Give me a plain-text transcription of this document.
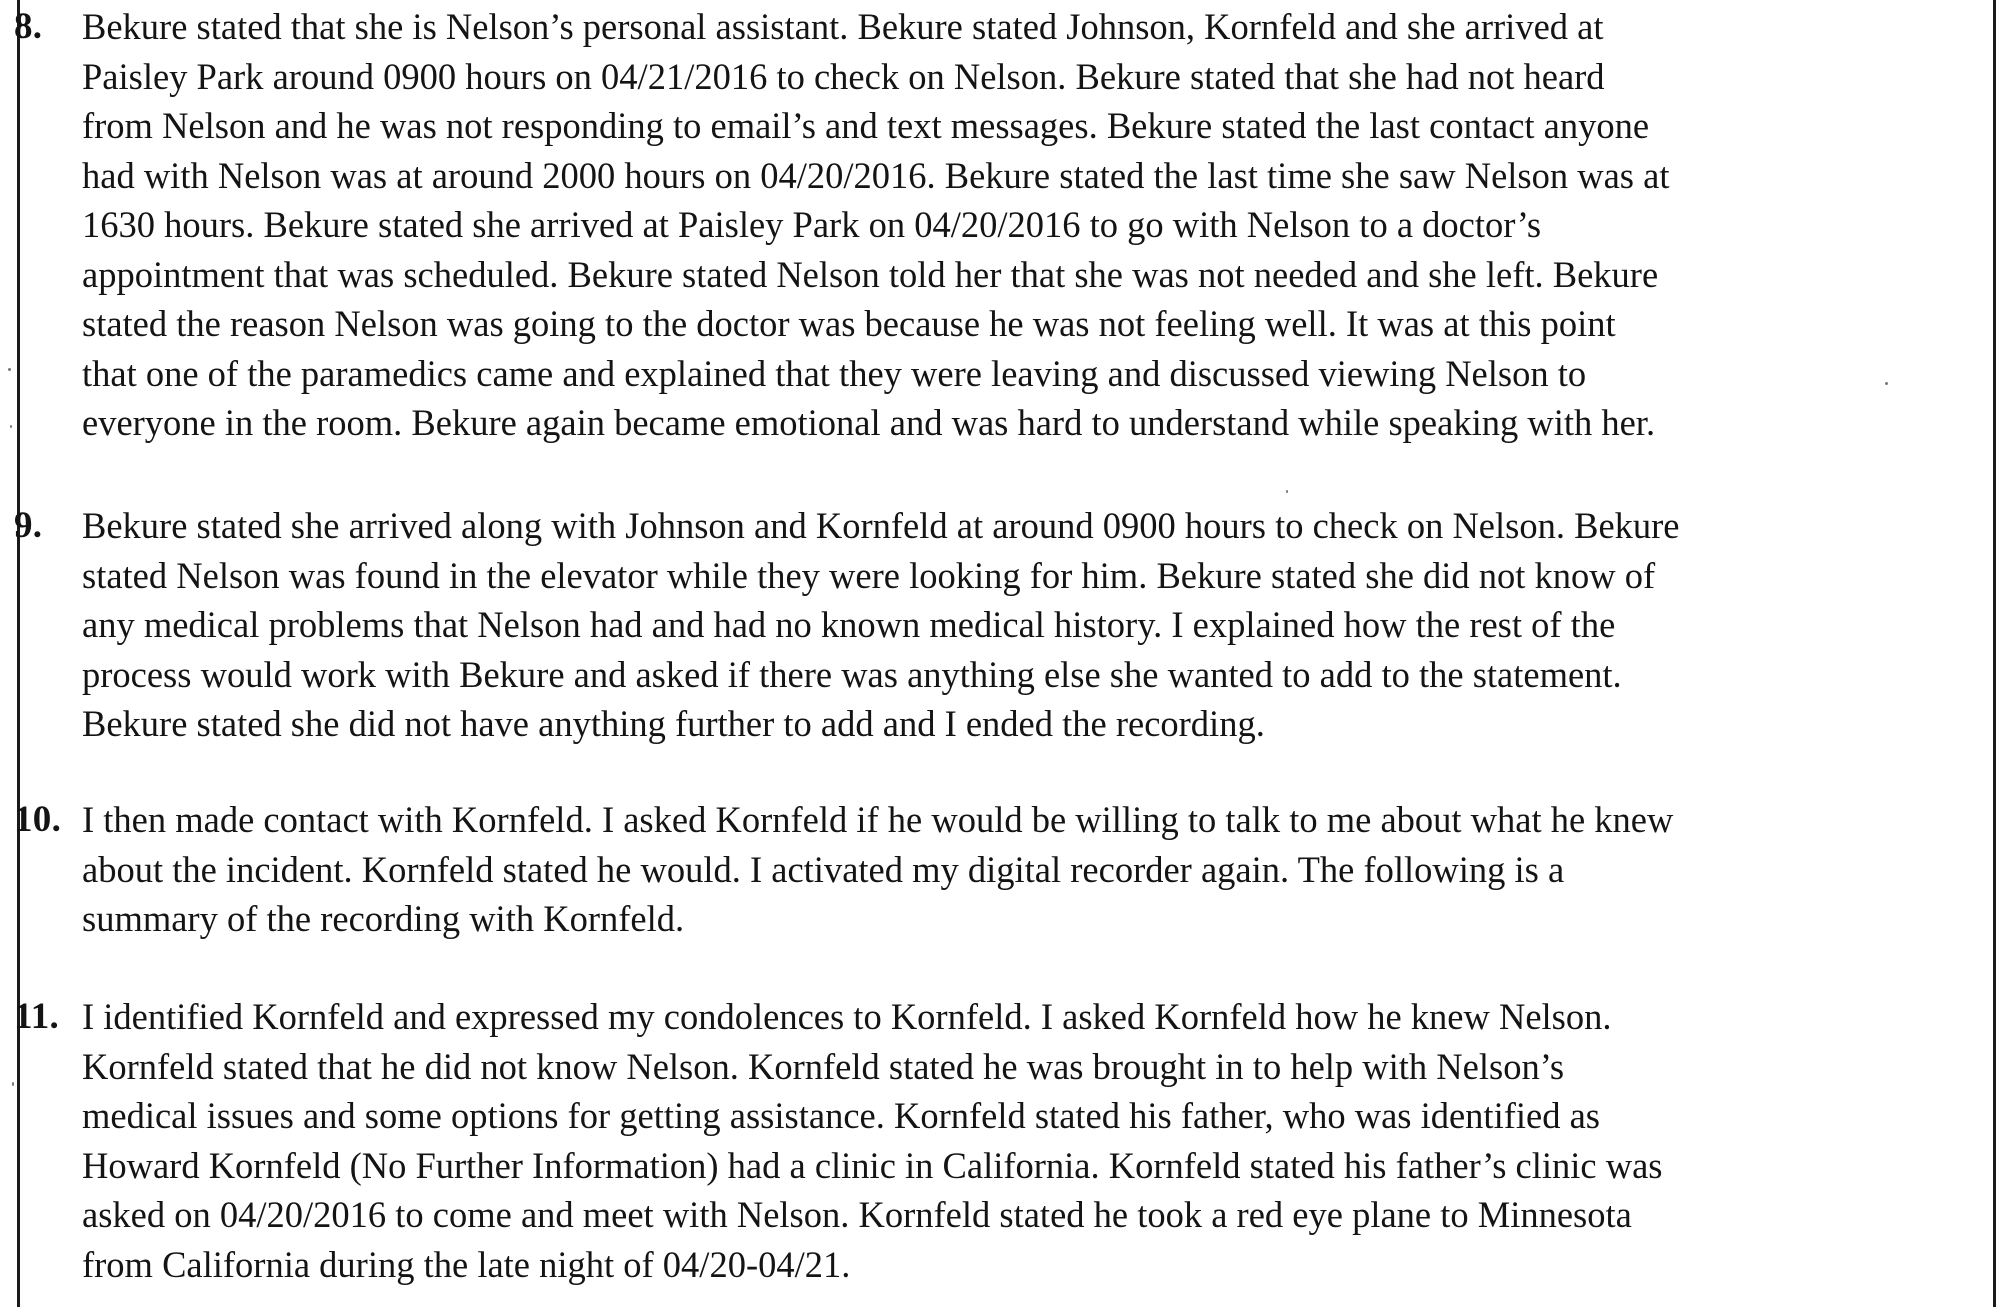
8. Bekure stated that she is Nelson’s personal assistant. Bekure stated Johnson, Kornfeld and she arrived at
Paisley Park around 0900 hours on 04/21/2016 to check on Nelson. Bekure stated that she had not heard
from Nelson and he was not responding to email’s and text messages. Bekure stated the last contact anyone
had with Nelson was at around 2000 hours on 04/20/2016. Bekure stated the last time she saw Nelson was at
1630 hours. Bekure stated she arrived at Paisley Park on 04/20/2016 to go with Nelson to a doctor’s
appointment that was scheduled. Bekure stated Nelson told her that she was not needed and she left. Bekure
stated the reason Nelson was going to the doctor was because he was not feeling well. It was at this point
that one of the paramedics came and explained that they were leaving and discussed viewing Nelson to
everyone in the room. Bekure again became emotional and was hard to understand while speaking with her.
9. Bekure stated she arrived along with Johnson and Kornfeld at around 0900 hours to check on Nelson. Bekure
stated Nelson was found in the elevator while they were looking for him. Bekure stated she did not know of
any medical problems that Nelson had and had no known medical history. I explained how the rest of the
process would work with Bekure and asked if there was anything else she wanted to add to the statement.
Bekure stated she did not have anything further to add and I ended the recording.
10. I then made contact with Kornfeld. I asked Kornfeld if he would be willing to talk to me about what he knew
about the incident. Kornfeld stated he would. I activated my digital recorder again. The following is a
summary of the recording with Kornfeld.
11. I identified Kornfeld and expressed my condolences to Kornfeld. I asked Kornfeld how he knew Nelson.
Kornfeld stated that he did not know Nelson. Kornfeld stated he was brought in to help with Nelson’s
medical issues and some options for getting assistance. Kornfeld stated his father, who was identified as
Howard Kornfeld (No Further Information) had a clinic in California. Kornfeld stated his father’s clinic was
asked on 04/20/2016 to come and meet with Nelson. Kornfeld stated he took a red eye plane to Minnesota
from California during the late night of 04/20-04/21.
